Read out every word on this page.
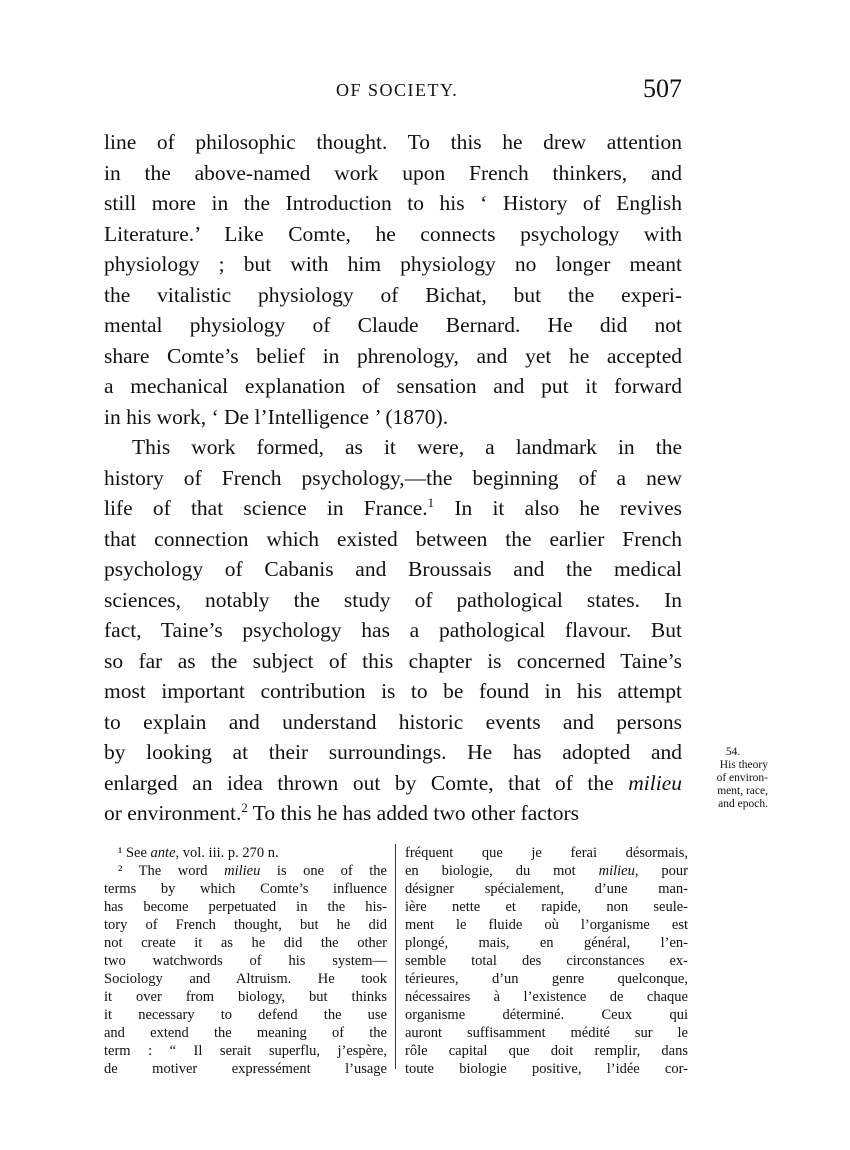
OF SOCIETY.	507

line of philosophic thought. To this he drew attention

in the above-named work upon French thinkers, and

still more in the Introduction to his ‘ History of English

Literature.’ Like Comte, he connects psychology with

physiology ; but with him physiology no longer meant

the vitalistic physiology of Bichat, but the experi-

mental physiology of Claude Bernard. He did not

share Comte’s belief in phrenology, and yet he accepted

a mechanical explanation of sensation and put it forward

in his work, ‘ De l’Intelligence ’ (1870).

This work formed, as it were, a landmark in the

history of French psychology,—the beginning of a new

life of that science in France.$^1$ In it also he revives

that connection which existed between the earlier French

psychology of Cabanis and Broussais and the medical

sciences, notably the study of pathological states. In

fact, Taine’s psychology has a pathological flavour. But

so far as the subject of this chapter is concerned Taine’s

most important contribution is to be found in his attempt

to explain and understand historic events and persons

by looking at their surroundings. He has adopted and

enlarged an idea thrown out by Comte, that of the milieu

or environment.$^2$ To this he has added two other factors

54.
His theory
of environ-
ment, race,
and epoch.

¹ See ante, vol. iii. p. 270 n.

² The word milieu is one of the

terms by which Comte’s influence

has become perpetuated in the his-

tory of French thought, but he did

not create it as he did the other

two watchwords of his system—

Sociology and Altruism. He took

it over from biology, but thinks

it necessary to defend the use

and extend the meaning of the

term : “ Il serait superflu, j’espère,

de motiver expressément l’usage

fréquent que je ferai désormais,

en biologie, du mot milieu, pour

désigner spécialement, d’une man-

ière nette et rapide, non seule-

ment le fluide où l’organisme est

plongé, mais, en général, l’en-

semble total des circonstances ex-

térieures, d’un genre quelconque,

nécessaires à l’existence de chaque

organisme déterminé. Ceux qui

auront suffisamment médité sur le

rôle capital que doit remplir, dans

toute biologie positive, l’idée cor-
